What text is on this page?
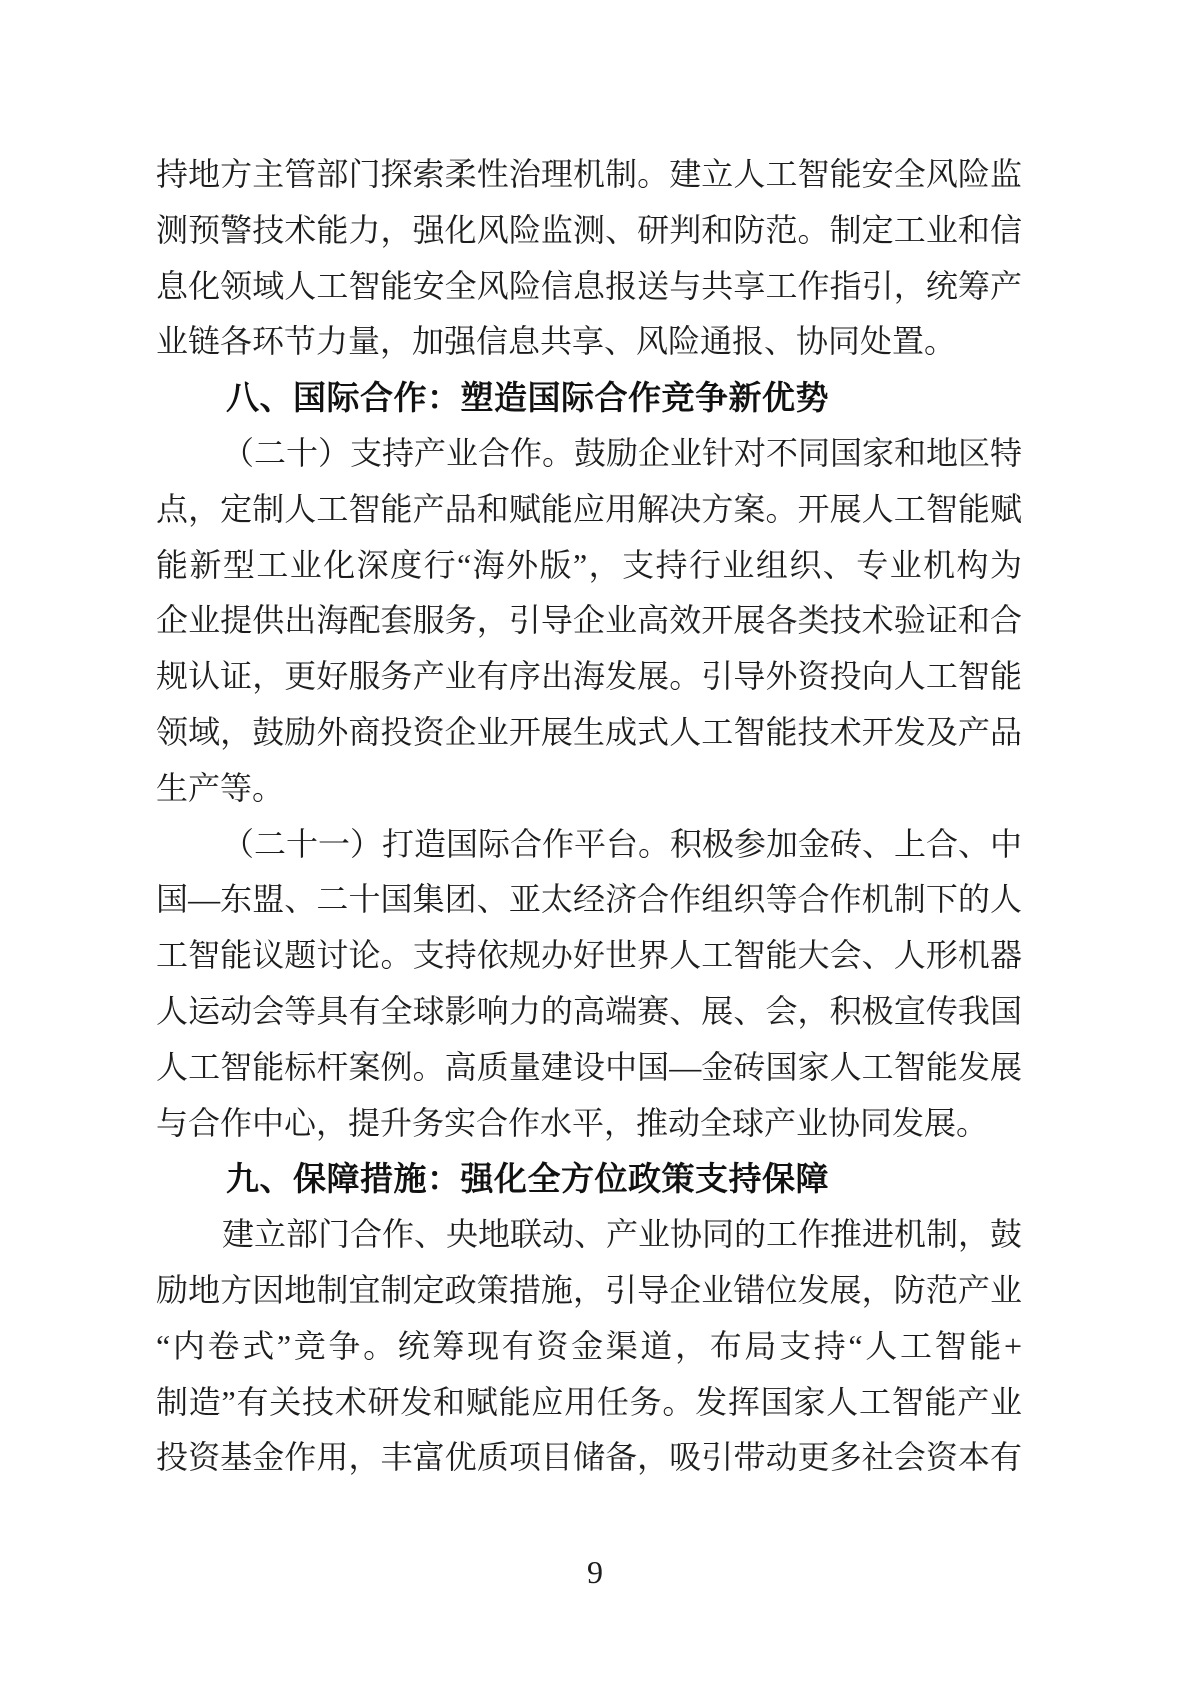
持地方主管部门探索柔性治理机制。建立人工智能安全风险监
测预警技术能力，强化风险监测、研判和防范。制定工业和信
息化领域人工智能安全风险信息报送与共享工作指引，统筹产
业链各环节力量，加强信息共享、风险通报、协同处置。
八、国际合作：塑造国际合作竞争新优势
（二十）支持产业合作。鼓励企业针对不同国家和地区特
点，定制人工智能产品和赋能应用解决方案。开展人工智能赋
能新型工业化深度行“海外版”，支持行业组织、专业机构为
企业提供出海配套服务，引导企业高效开展各类技术验证和合
规认证，更好服务产业有序出海发展。引导外资投向人工智能
领域，鼓励外商投资企业开展生成式人工智能技术开发及产品
生产等。
（二十一）打造国际合作平台。积极参加金砖、上合、中
国—东盟、二十国集团、亚太经济合作组织等合作机制下的人
工智能议题讨论。支持依规办好世界人工智能大会、人形机器
人运动会等具有全球影响力的高端赛、展、会，积极宣传我国
人工智能标杆案例。高质量建设中国—金砖国家人工智能发展
与合作中心，提升务实合作水平，推动全球产业协同发展。
九、保障措施：强化全方位政策支持保障
建立部门合作、央地联动、产业协同的工作推进机制，鼓
励地方因地制宜制定政策措施，引导企业错位发展，防范产业
“内卷式”竞争。统筹现有资金渠道，布局支持“人工智能+
制造”有关技术研发和赋能应用任务。发挥国家人工智能产业
投资基金作用，丰富优质项目储备，吸引带动更多社会资本有
9
